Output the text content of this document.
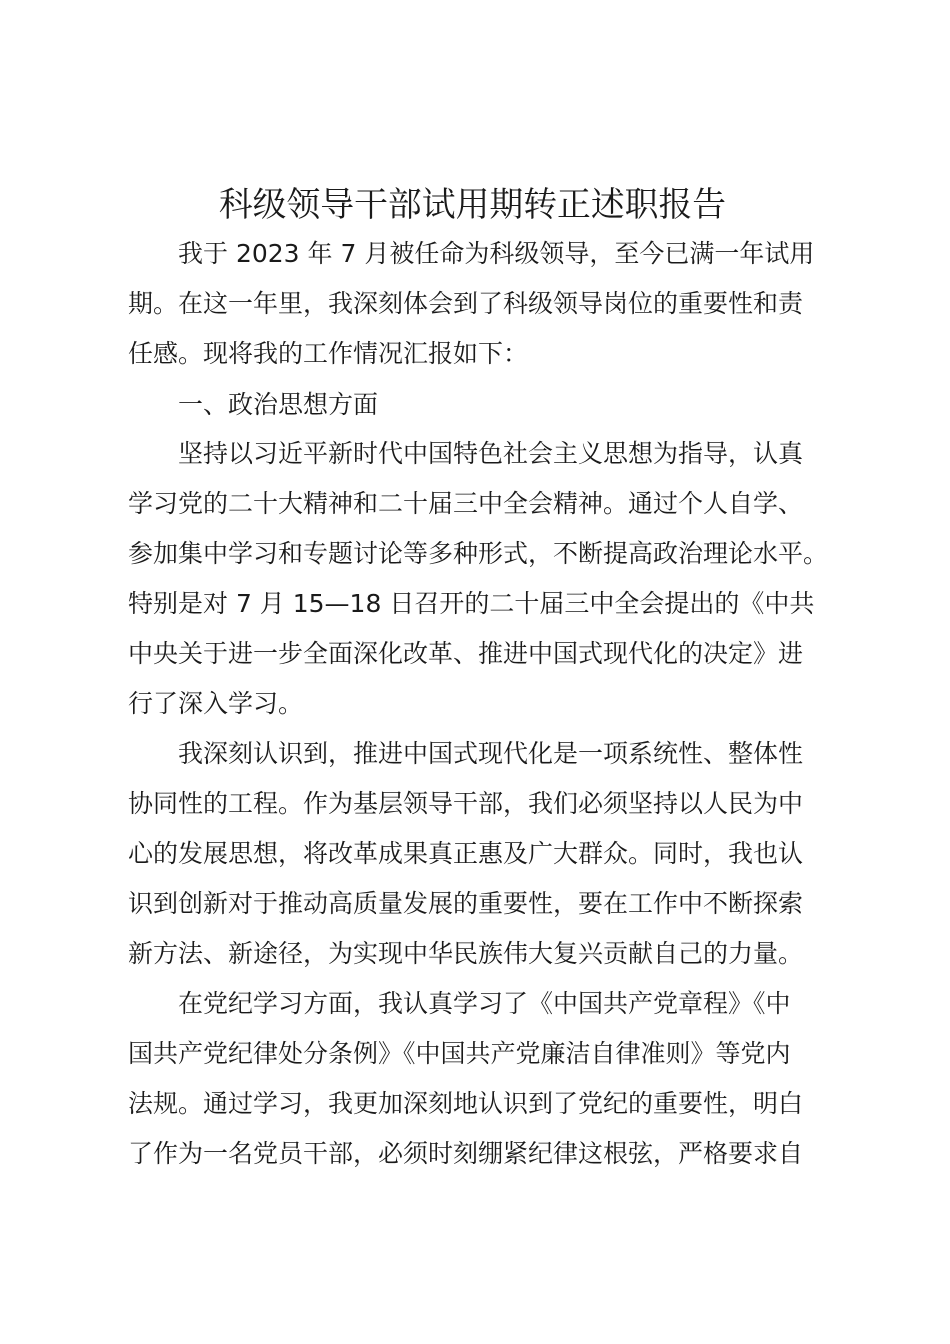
科级领导干部试用期转正述职报告
我于 2023 年 7 月被任命为科级领导，至今已满一年试用
期。在这一年里，我深刻体会到了科级领导岗位的重要性和责
任感。现将我的工作情况汇报如下：
一、政治思想方面
坚持以习近平新时代中国特色社会主义思想为指导，认真
学习党的二十大精神和二十届三中全会精神。通过个人自学、
参加集中学习和专题讨论等多种形式，不断提高政治理论水平。
特别是对 7 月 15—18 日召开的二十届三中全会提出的《中共
中央关于进一步全面深化改革、推进中国式现代化的决定》进
行了深入学习。
我深刻认识到，推进中国式现代化是一项系统性、整体性
协同性的工程。作为基层领导干部，我们必须坚持以人民为中
心的发展思想，将改革成果真正惠及广大群众。同时，我也认
识到创新对于推动高质量发展的重要性，要在工作中不断探索
新方法、新途径，为实现中华民族伟大复兴贡献自己的力量。
在党纪学习方面，我认真学习了《中国共产党章程》《中
国共产党纪律处分条例》《中国共产党廉洁自律准则》等党内
法规。通过学习，我更加深刻地认识到了党纪的重要性，明白
了作为一名党员干部，必须时刻绷紧纪律这根弦，严格要求自
